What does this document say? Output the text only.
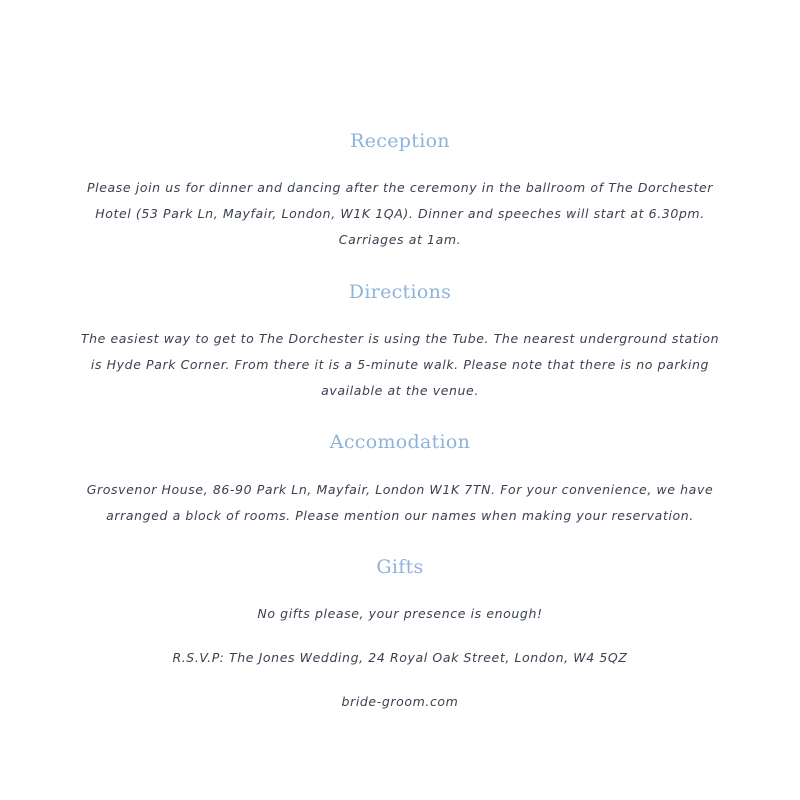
Reception

Please join us for dinner and dancing after the ceremony in the ballroom of The Dorchester Hotel (53 Park Ln, Mayfair, London, W1K 1QA). Dinner and speeches will start at 6.30pm. Carriages at 1am.

Directions

The easiest way to get to The Dorchester is using the Tube. The nearest underground station is Hyde Park Corner. From there it is a 5-minute walk. Please note that there is no parking available at the venue.

Accomodation

Grosvenor House, 86-90 Park Ln, Mayfair, London W1K 7TN. For your convenience, we have arranged a block of rooms. Please mention our names when making your reservation.

Gifts

No gifts please, your presence is enough!

R.S.V.P: The Jones Wedding, 24 Royal Oak Street, London, W4 5QZ

bride-groom.com
